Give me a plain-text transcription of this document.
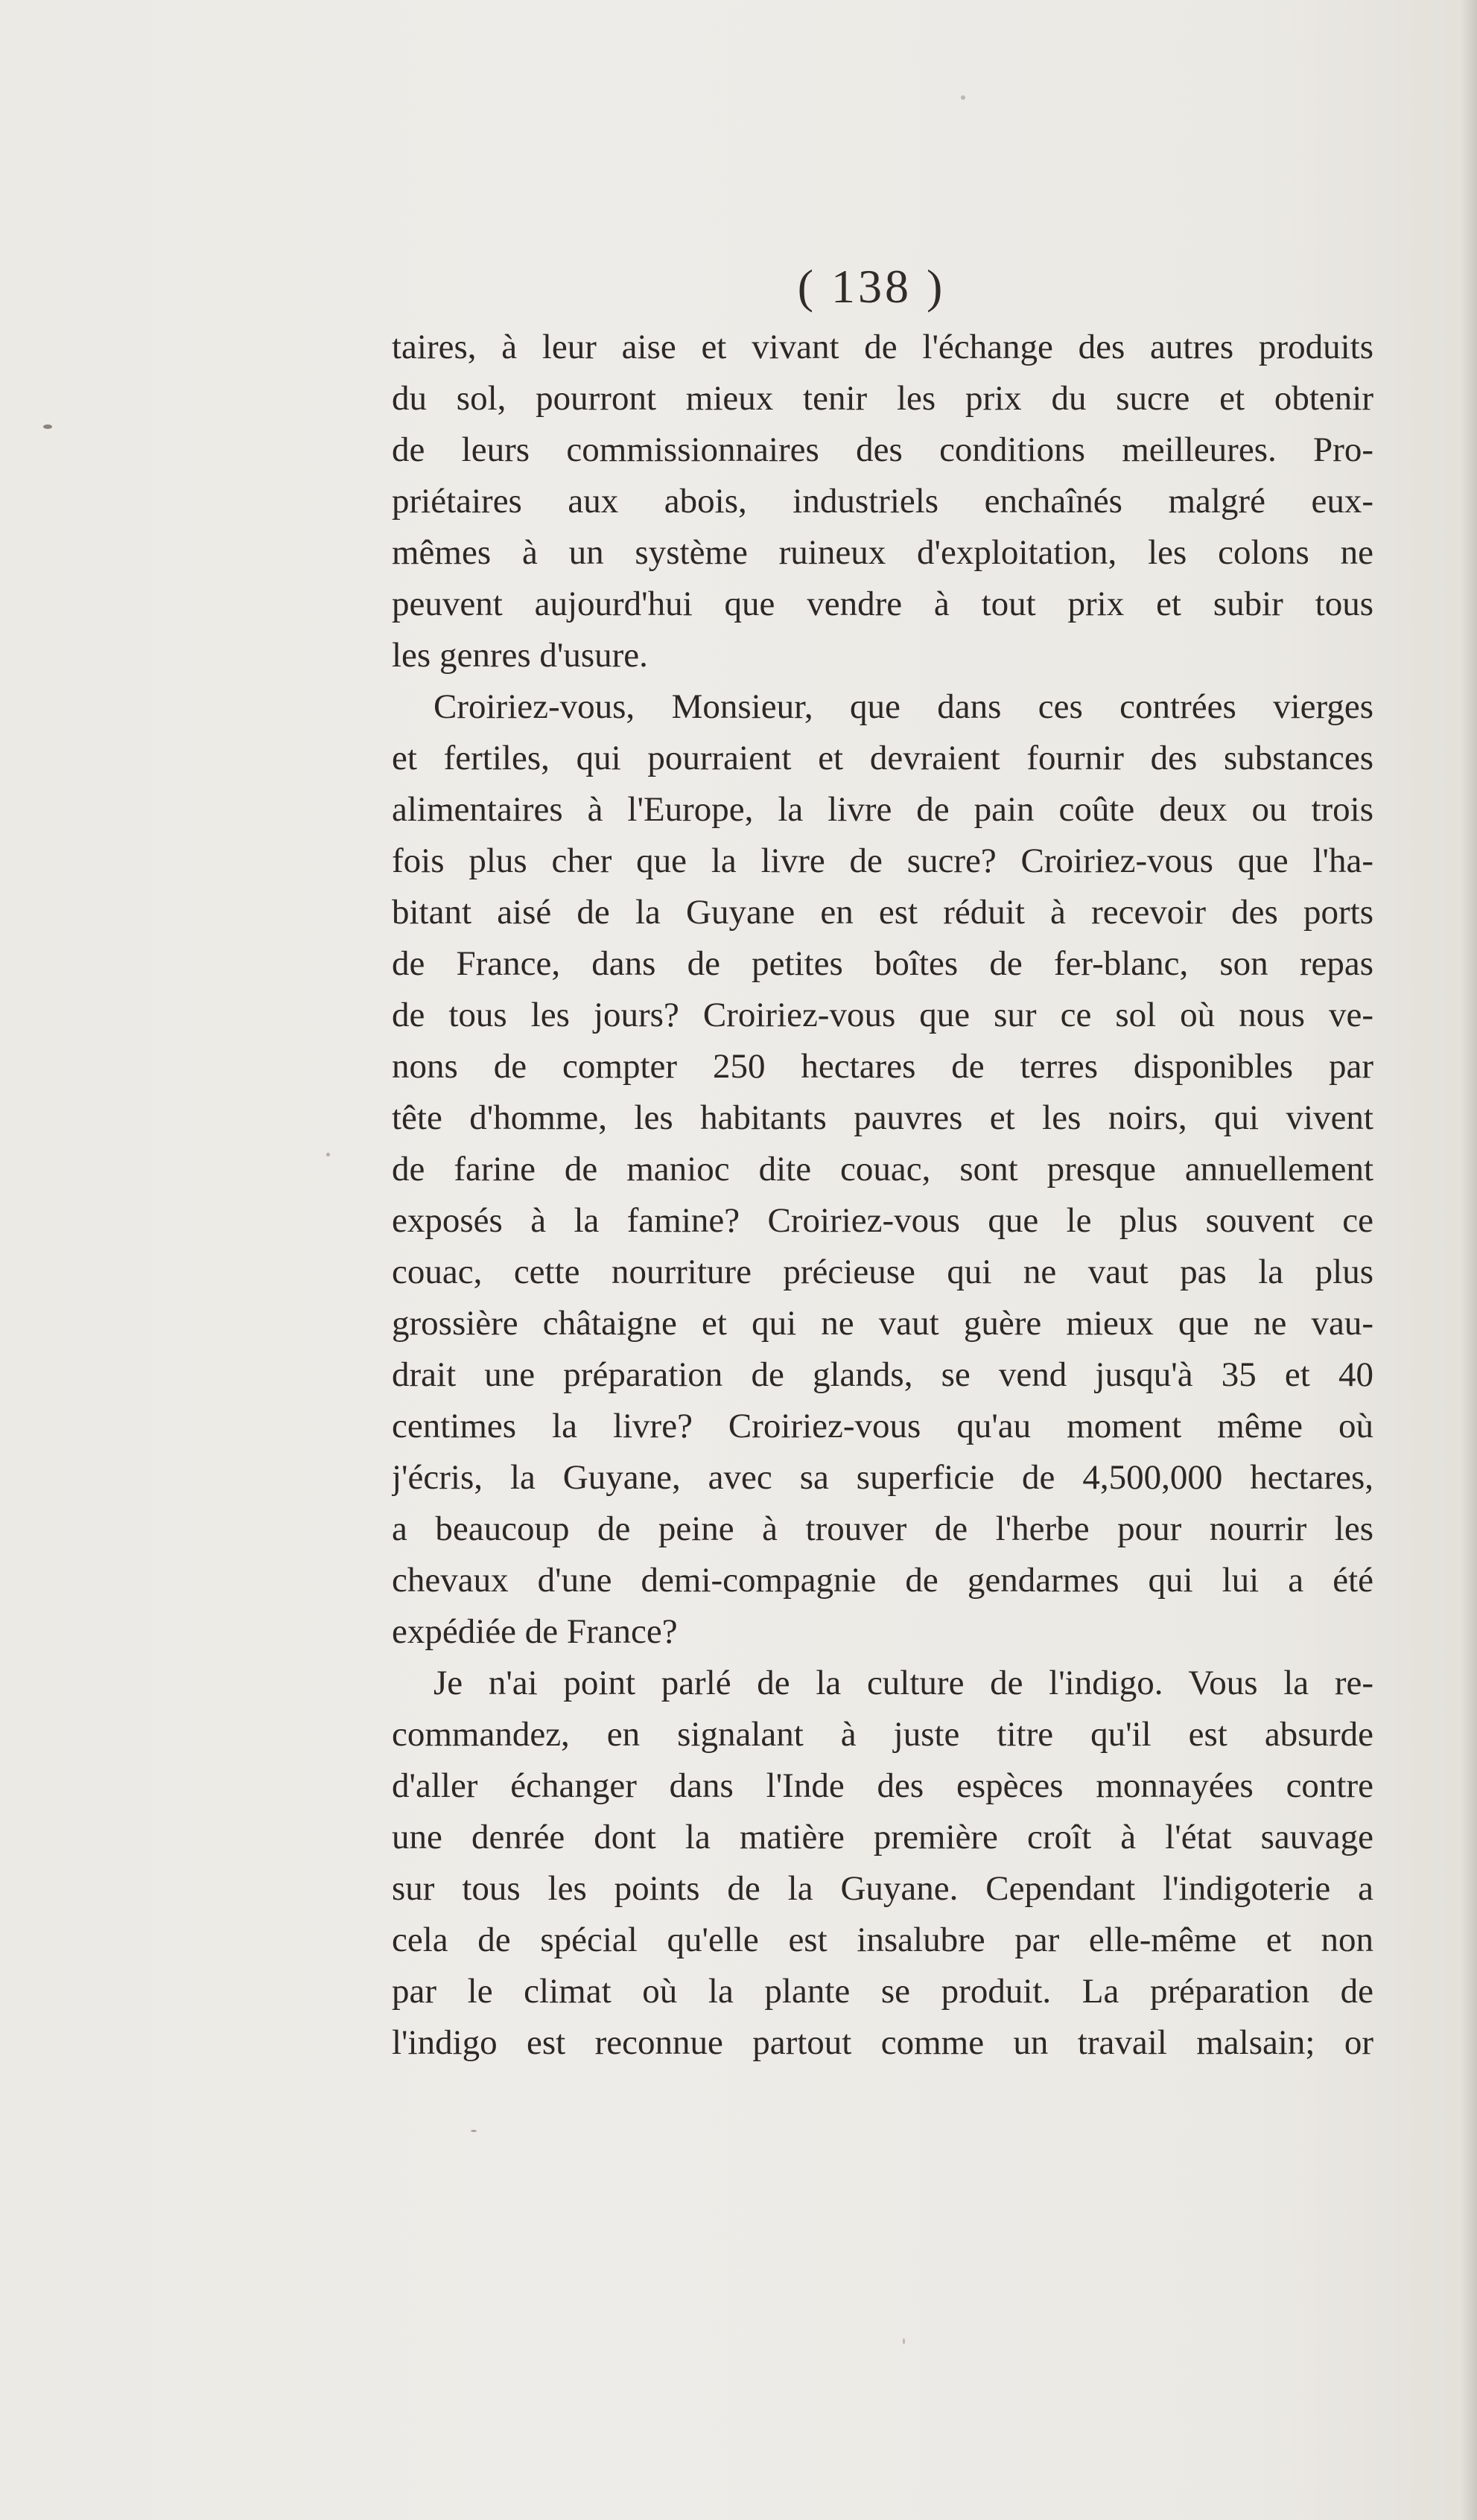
( 138 )
taires, à leur aise et vivant de l'échange des autres produits
du sol, pourront mieux tenir les prix du sucre et obtenir
de leurs commissionnaires des conditions meilleures. Pro-
priétaires aux abois, industriels enchaînés malgré eux-
mêmes à un système ruineux d'exploitation, les colons ne
peuvent aujourd'hui que vendre à tout prix et subir tous
les genres d'usure.
Croiriez-vous, Monsieur, que dans ces contrées vierges
et fertiles, qui pourraient et devraient fournir des substances
alimentaires à l'Europe, la livre de pain coûte deux ou trois
fois plus cher que la livre de sucre? Croiriez-vous que l'ha-
bitant aisé de la Guyane en est réduit à recevoir des ports
de France, dans de petites boîtes de fer-blanc, son repas
de tous les jours? Croiriez-vous que sur ce sol où nous ve-
nons de compter 250 hectares de terres disponibles par
tête d'homme, les habitants pauvres et les noirs, qui vivent
de farine de manioc dite couac, sont presque annuellement
exposés à la famine? Croiriez-vous que le plus souvent ce
couac, cette nourriture précieuse qui ne vaut pas la plus
grossière châtaigne et qui ne vaut guère mieux que ne vau-
drait une préparation de glands, se vend jusqu'à 35 et 40
centimes la livre? Croiriez-vous qu'au moment même où
j'écris, la Guyane, avec sa superficie de 4,500,000 hectares,
a beaucoup de peine à trouver de l'herbe pour nourrir les
chevaux d'une demi-compagnie de gendarmes qui lui a été
expédiée de France?
Je n'ai point parlé de la culture de l'indigo. Vous la re-
commandez, en signalant à juste titre qu'il est absurde
d'aller échanger dans l'Inde des espèces monnayées contre
une denrée dont la matière première croît à l'état sauvage
sur tous les points de la Guyane. Cependant l'indigoterie a
cela de spécial qu'elle est insalubre par elle-même et non
par le climat où la plante se produit. La préparation de
l'indigo est reconnue partout comme un travail malsain; or
